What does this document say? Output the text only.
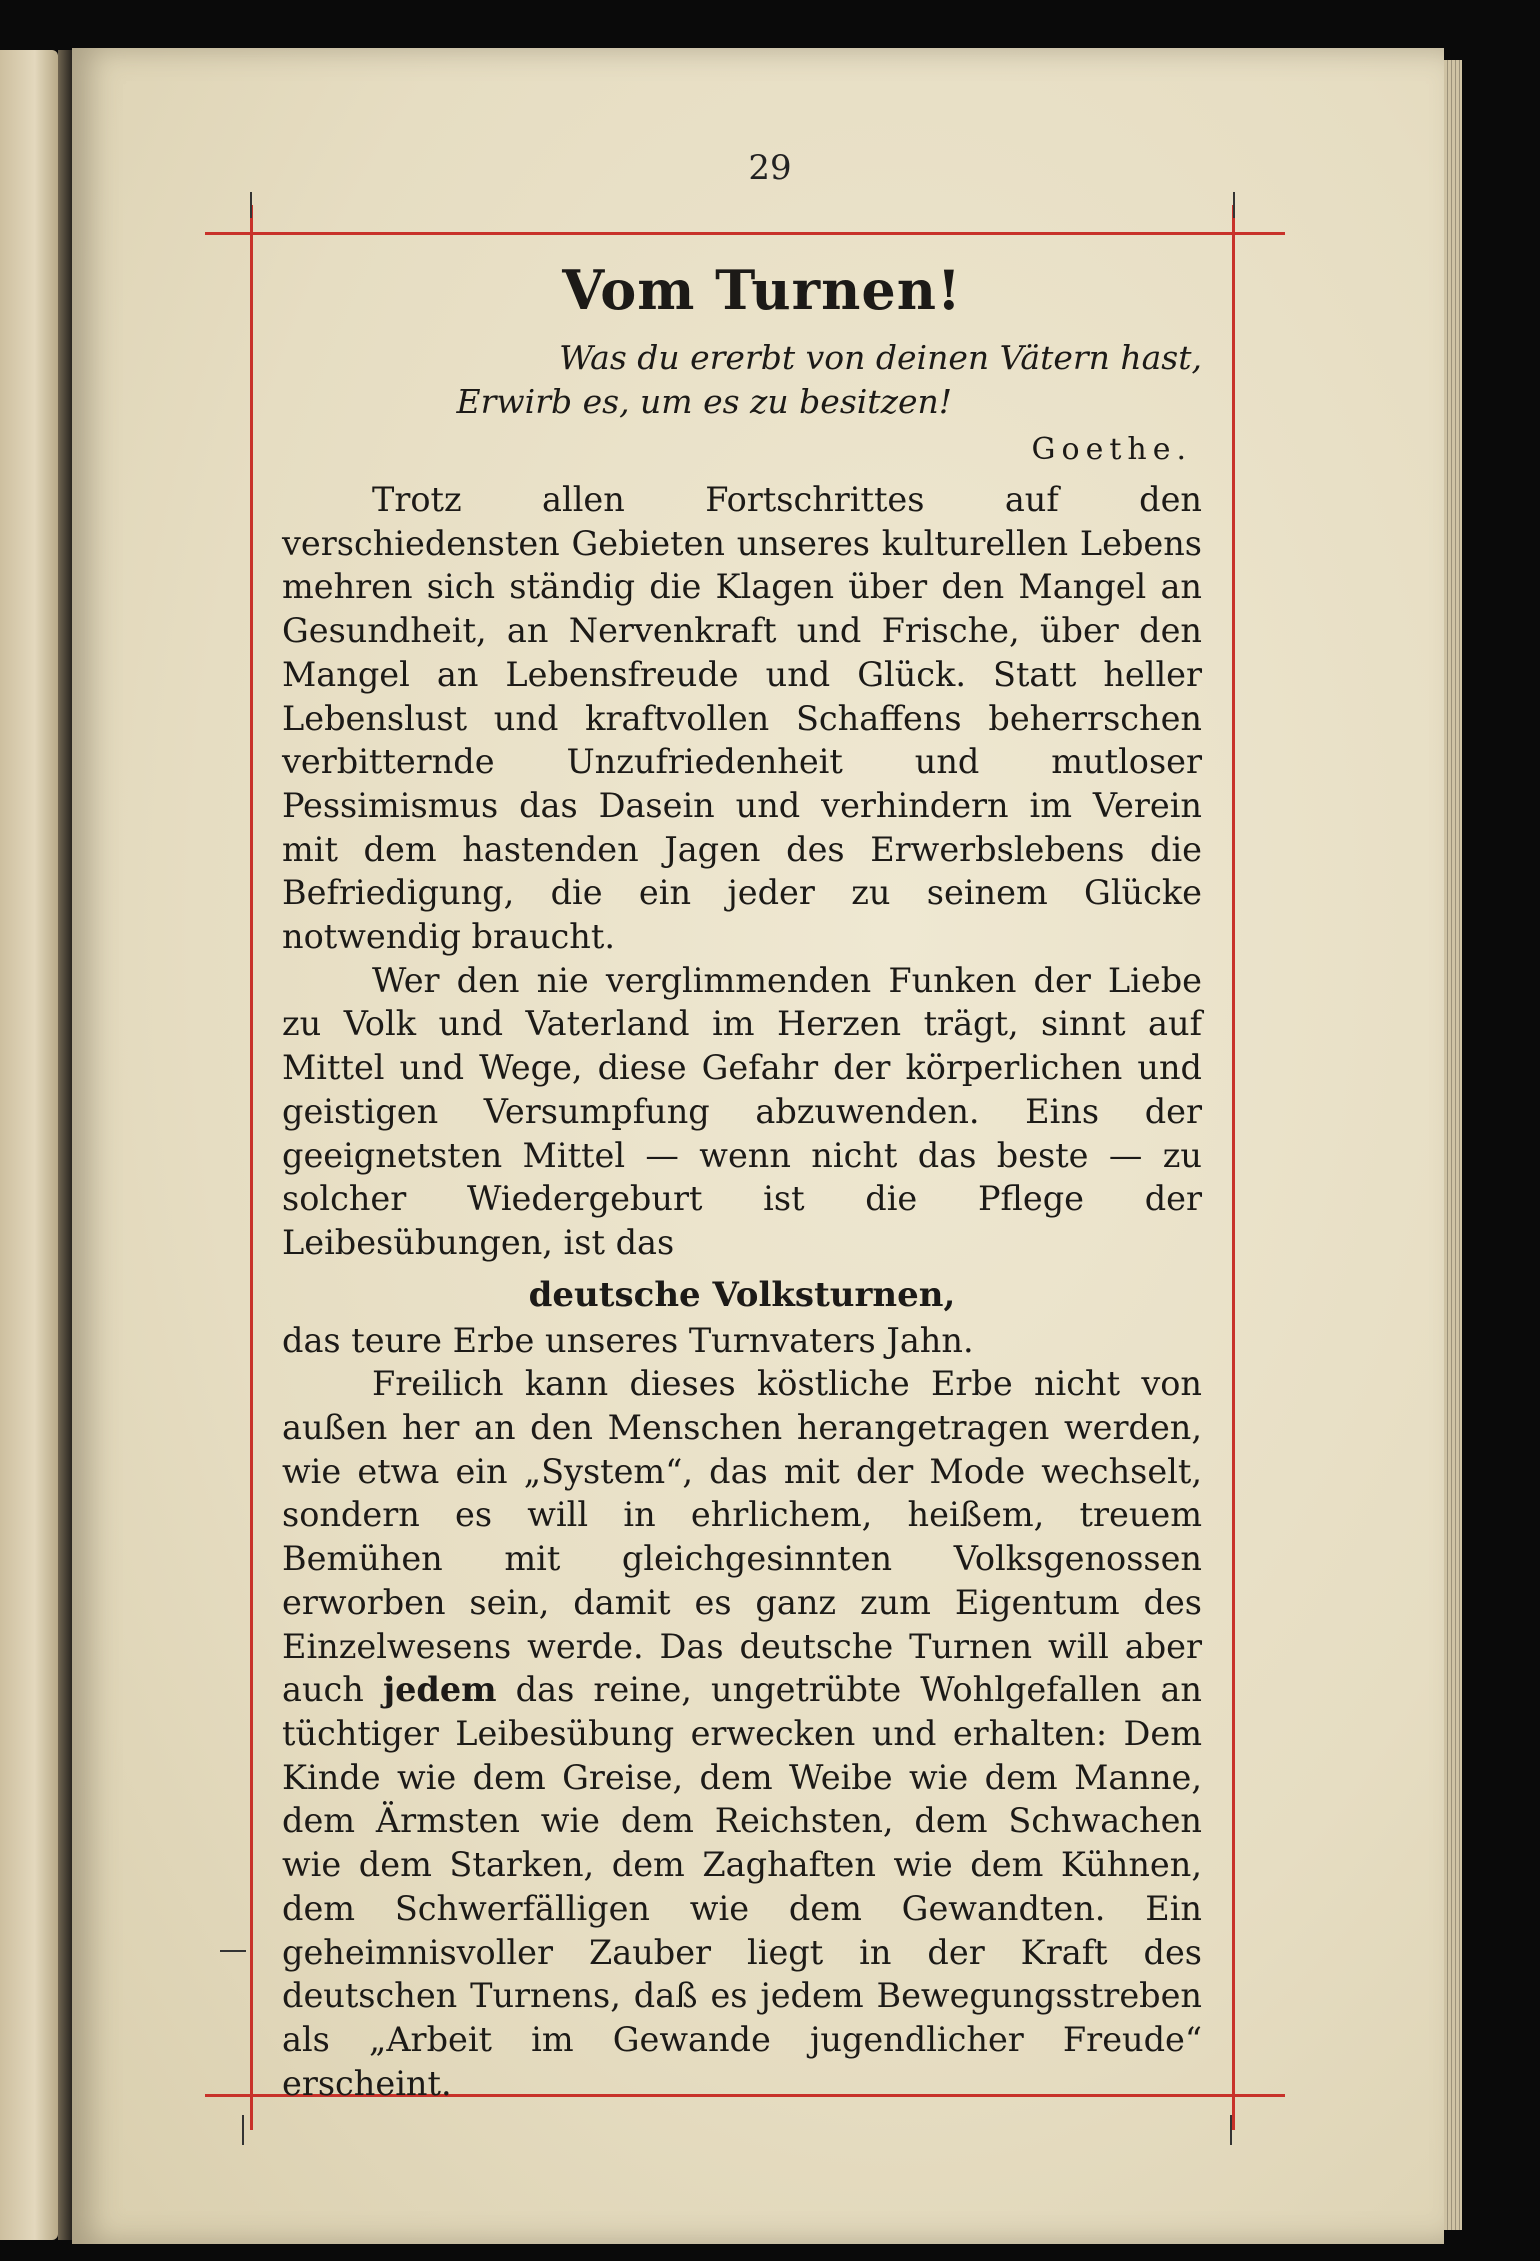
29
Vom Turnen!
Was du ererbt von deinen Vätern hast,
Erwirb es, um es zu besitzen!
Goethe.

Trotz allen Fortschrittes auf den verschiedensten Gebieten unseres kulturellen Lebens mehren sich ständig die Klagen über den Mangel an Gesundheit, an Nervenkraft und Frische, über den Mangel an Lebensfreude und Glück. Statt heller Lebenslust und kraftvollen Schaffens beherrschen verbitternde Unzufriedenheit und mutloser Pessimismus das Dasein und verhindern im Verein mit dem hastenden Jagen des Erwerbslebens die Befriedigung, die ein jeder zu seinem Glücke notwendig braucht.

Wer den nie verglimmenden Funken der Liebe zu Volk und Vaterland im Herzen trägt, sinnt auf Mittel und Wege, diese Gefahr der körperlichen und geistigen Versumpfung abzuwenden. Eins der geeignetsten Mittel — wenn nicht das beste — zu solcher Wiedergeburt ist die Pflege der Leibesübungen, ist das

deutsche Volksturnen,

das teure Erbe unseres Turnvaters Jahn.

Freilich kann dieses köstliche Erbe nicht von außen her an den Menschen herangetragen werden, wie etwa ein „System“, das mit der Mode wechselt, sondern es will in ehrlichem, heißem, treuem Bemühen mit gleichgesinnten Volksgenossen erworben sein, damit es ganz zum Eigentum des Einzelwesens werde. Das deutsche Turnen will aber auch jedem das reine, ungetrübte Wohlgefallen an tüchtiger Leibesübung erwecken und erhalten: Dem Kinde wie dem Greise, dem Weibe wie dem Manne, dem Ärmsten wie dem Reichsten, dem Schwachen wie dem Starken, dem Zaghaften wie dem Kühnen, dem Schwerfälligen wie dem Gewandten. Ein geheimnisvoller Zauber liegt in der Kraft des deutschen Turnens, daß es jedem Bewegungsstreben als „Arbeit im Gewande jugendlicher Freude“ erscheint.
